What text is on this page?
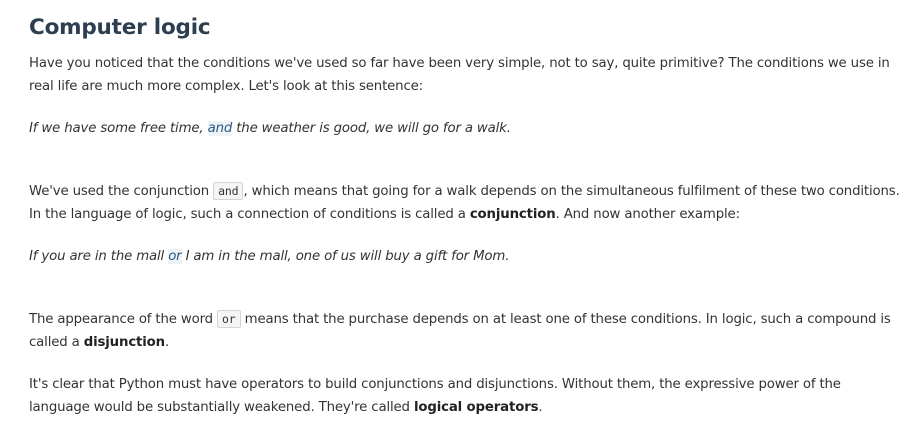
Computer logic

Have you noticed that the conditions we've used so far have been very simple, not to say, quite primitive? The conditions we use in real life are much more complex. Let's look at this sentence:

If we have some free time, and the weather is good, we will go for a walk.

We've used the conjunction and , which means that going for a walk depends on the simultaneous fulfilment of these two conditions. In the language of logic, such a connection of conditions is called a conjunction. And now another example:

If you are in the mall or I am in the mall, one of us will buy a gift for Mom.

The appearance of the word or means that the purchase depends on at least one of these conditions. In logic, such a compound is called a disjunction.

It's clear that Python must have operators to build conjunctions and disjunctions. Without them, the expressive power of the language would be substantially weakened. They're called logical operators.
